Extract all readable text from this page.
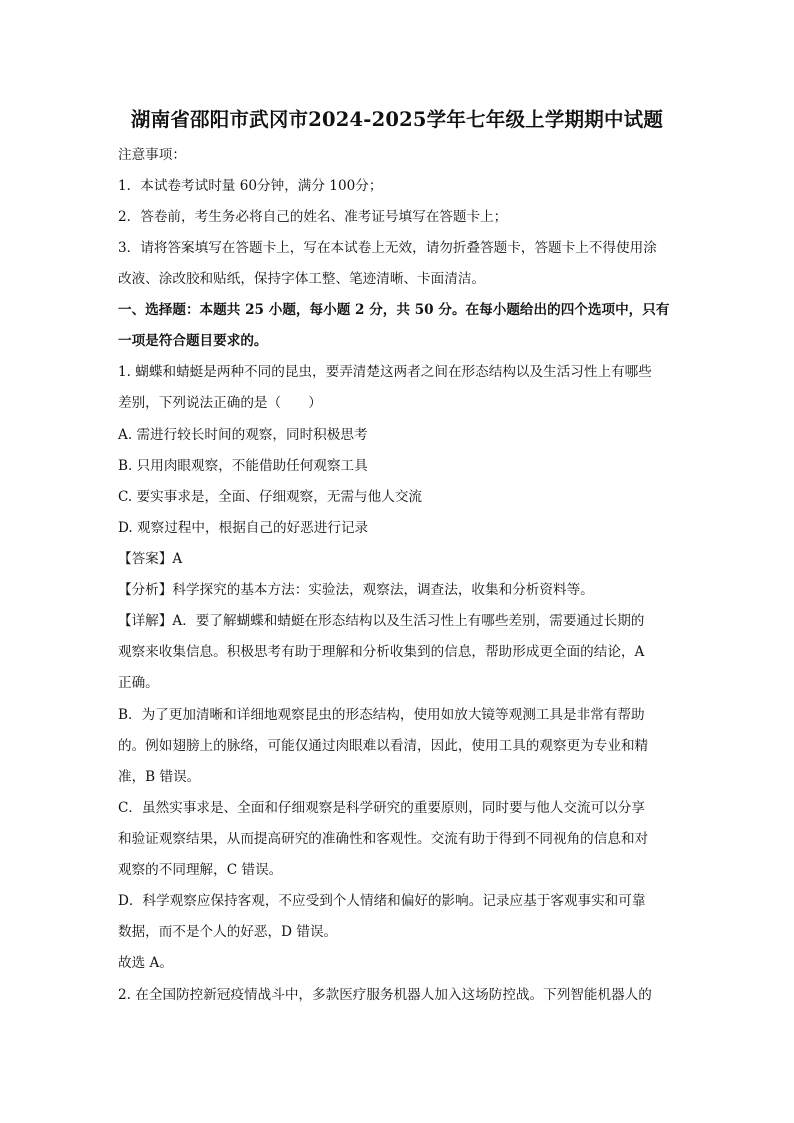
湖南省邵阳市武冈市2024-2025学年七年级上学期期中试题
注意事项：
1．本试卷考试时量 60分钟，满分 100分；
2．答卷前，考生务必将自己的姓名、准考证号填写在答题卡上；
3．请将答案填写在答题卡上，写在本试卷上无效，请勿折叠答题卡，答题卡上不得使用涂
改液、涂改胶和贴纸，保持字体工整、笔迹清晰、卡面清洁。
一、选择题：本题共 25 小题，每小题 2 分，共 50 分。在每小题给出的四个选项中，只有
一项是符合题目要求的。
1. 蝴蝶和蜻蜓是两种不同的昆虫，要弄清楚这两者之间在形态结构以及生活习性上有哪些
差别，下列说法正确的是（　　）
A. 需进行较长时间的观察，同时积极思考
B. 只用肉眼观察，不能借助任何观察工具
C. 要实事求是，全面、仔细观察，无需与他人交流
D. 观察过程中，根据自己的好恶进行记录
【答案】A
【分析】科学探究的基本方法：实验法，观察法，调查法，收集和分析资料等。
【详解】A．要了解蝴蝶和蜻蜓在形态结构以及生活习性上有哪些差别，需要通过长期的
观察来收集信息。积极思考有助于理解和分析收集到的信息，帮助形成更全面的结论，A
正确。
B．为了更加清晰和详细地观察昆虫的形态结构，使用如放大镜等观测工具是非常有帮助
的。例如翅膀上的脉络，可能仅通过肉眼难以看清，因此，使用工具的观察更为专业和精
准，B 错误。
C．虽然实事求是、全面和仔细观察是科学研究的重要原则，同时要与他人交流可以分享
和验证观察结果，从而提高研究的准确性和客观性。交流有助于得到不同视角的信息和对
观察的不同理解，C 错误。
D．科学观察应保持客观，不应受到个人情绪和偏好的影响。记录应基于客观事实和可靠
数据，而不是个人的好恶，D 错误。
故选 A。
2. 在全国防控新冠疫情战斗中，多款医疗服务机器人加入这场防控战。下列智能机器人的
